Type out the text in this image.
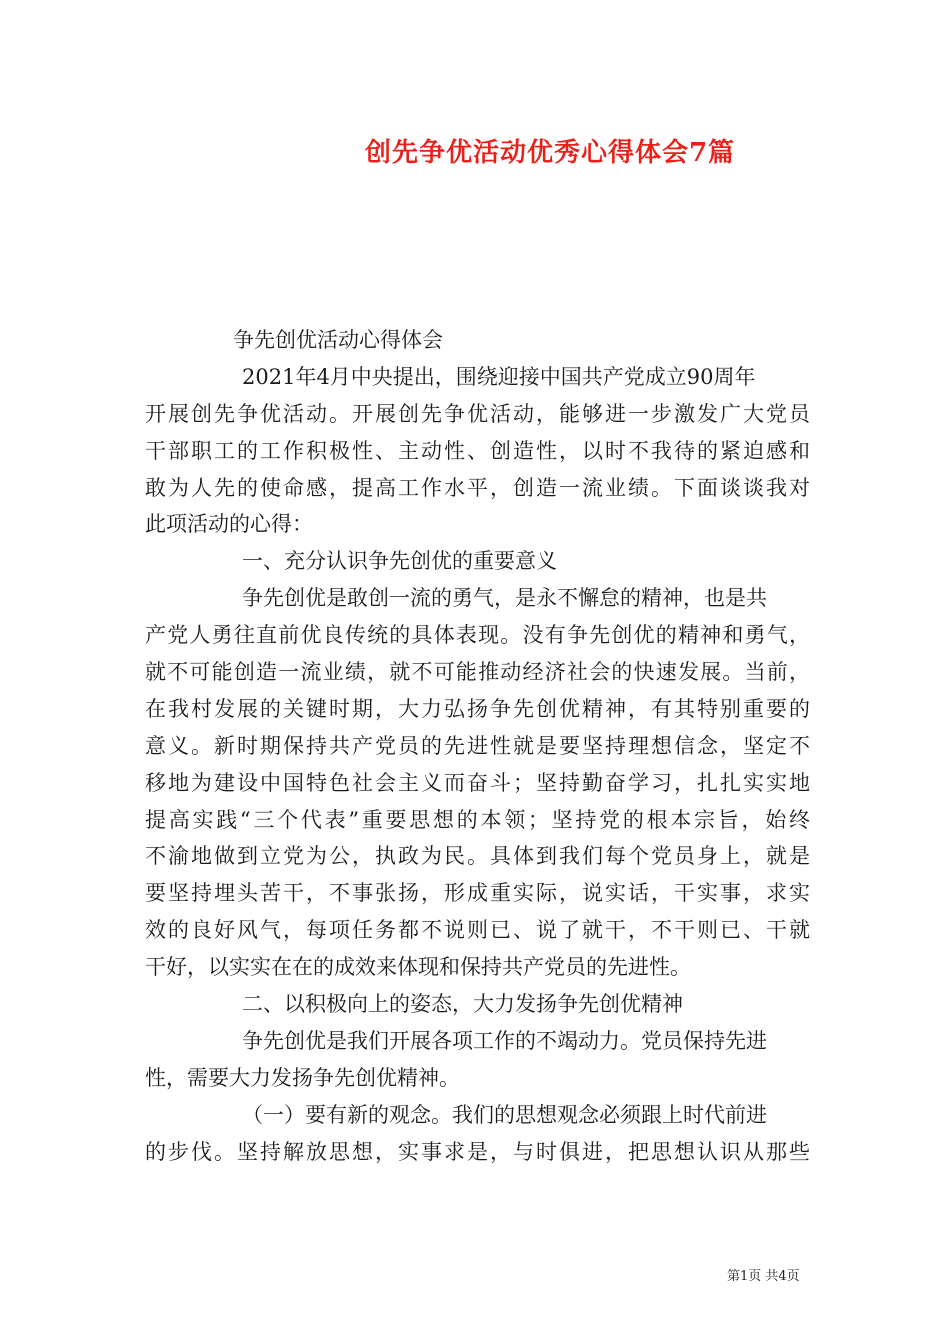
创先争优活动优秀心得体会7篇
争先创优活动心得体会
2021年4月中央提出，围绕迎接中国共产党成立90周年
开展创先争优活动。开展创先争优活动，能够进一步激发广大党员
干部职工的工作积极性、主动性、创造性，以时不我待的紧迫感和
敢为人先的使命感，提高工作水平，创造一流业绩。下面谈谈我对
此项活动的心得：
一、充分认识争先创优的重要意义
争先创优是敢创一流的勇气，是永不懈怠的精神，也是共
产党人勇往直前优良传统的具体表现。没有争先创优的精神和勇气，
就不可能创造一流业绩，就不可能推动经济社会的快速发展。当前，
在我村发展的关键时期，大力弘扬争先创优精神，有其特别重要的
意义。新时期保持共产党员的先进性就是要坚持理想信念，坚定不
移地为建设中国特色社会主义而奋斗；坚持勤奋学习，扎扎实实地
提高实践“三个代表”重要思想的本领；坚持党的根本宗旨，始终
不渝地做到立党为公，执政为民。具体到我们每个党员身上，就是
要坚持埋头苦干，不事张扬，形成重实际，说实话，干实事，求实
效的良好风气，每项任务都不说则已、说了就干，不干则已、干就
干好，以实实在在的成效来体现和保持共产党员的先进性。
二、以积极向上的姿态，大力发扬争先创优精神
争先创优是我们开展各项工作的不竭动力。党员保持先进
性，需要大力发扬争先创优精神。
（一）要有新的观念。我们的思想观念必须跟上时代前进
的步伐。坚持解放思想，实事求是，与时俱进，把思想认识从那些
第1页 共4页
